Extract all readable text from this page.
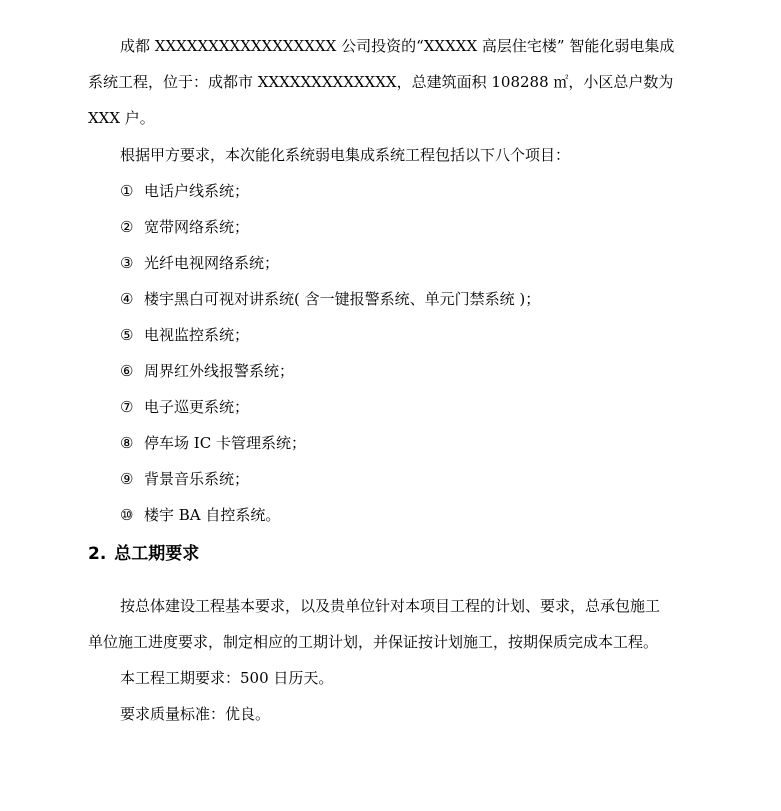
成都 XXXXXXXXXXXXXXXXX 公司投资的“XXXXX 高层住宅楼” 智能化弱电集成
系统工程，位于：成都市 XXXXXXXXXXXXX，总建筑面积 108288 ㎡，小区总户数为
XXX 户。
根据甲方要求，本次能化系统弱电集成系统工程包括以下八个项目：
① 电话户线系统；
② 宽带网络系统；
③ 光纤电视网络系统；
④ 楼宇黑白可视对讲系统( 含一键报警系统、单元门禁系统 )；
⑤ 电视监控系统；
⑥ 周界红外线报警系统；
⑦ 电子巡更系统；
⑧ 停车场 IC 卡管理系统；
⑨ 背景音乐系统；
⑩ 楼宇 BA 自控系统。
2. 总工期要求
按总体建设工程基本要求，以及贵单位针对本项目工程的计划、要求，总承包施工
单位施工进度要求，制定相应的工期计划，并保证按计划施工，按期保质完成本工程。
本工程工期要求：500 日历天。
要求质量标准：优良。
